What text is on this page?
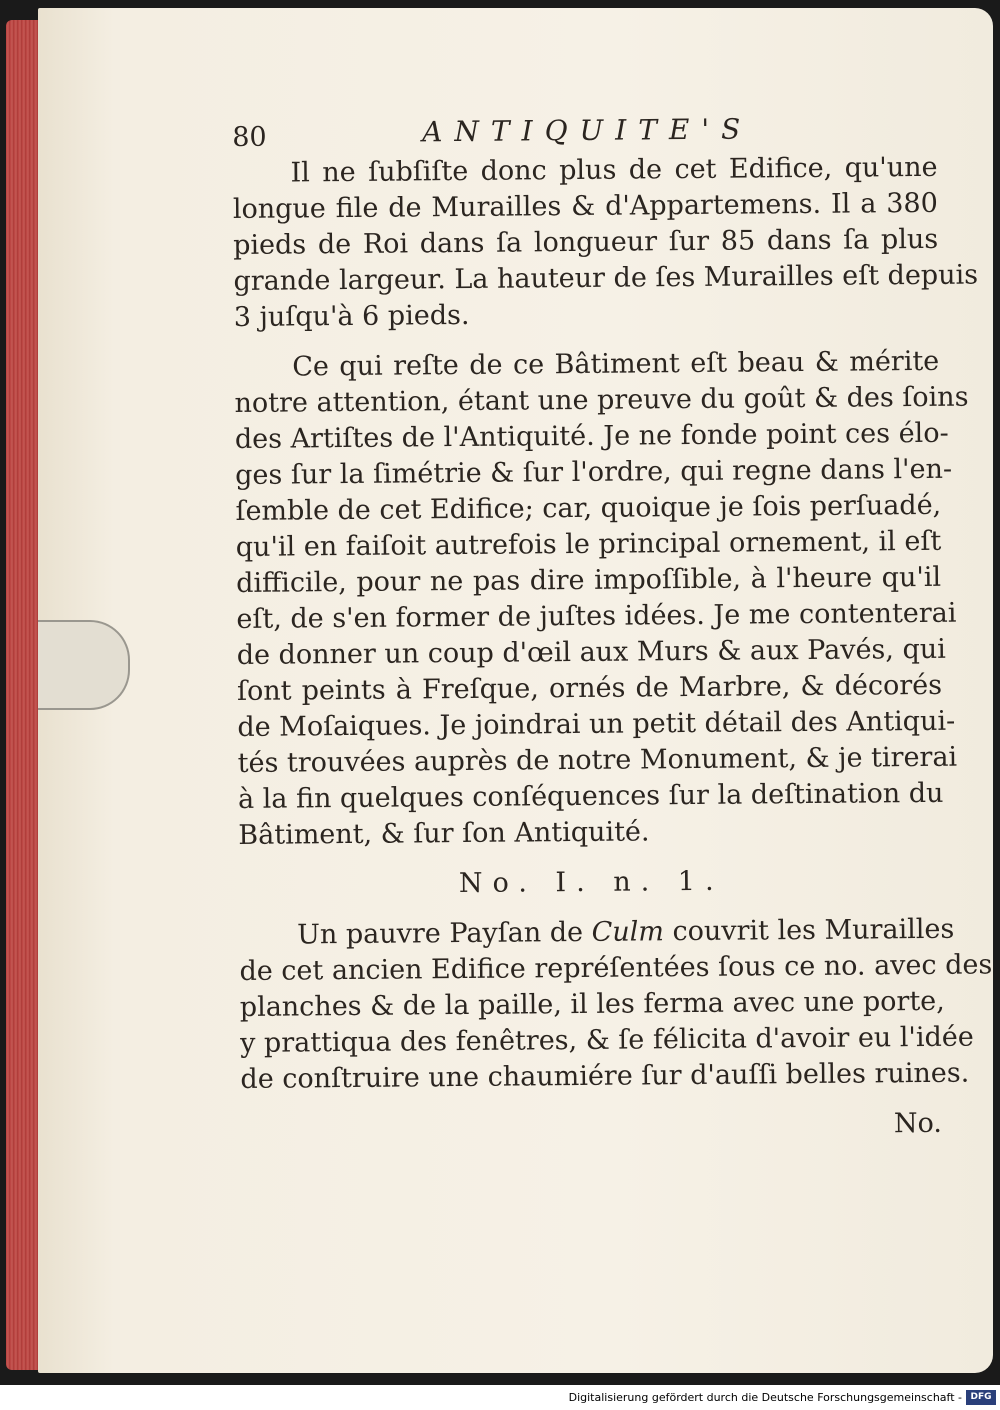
80	ANTIQUITE'S
Il ne ſubſiſte donc plus de cet Edifice, qu'une
longue file de Murailles & d'Appartemens. Il a 380
pieds de Roi dans ſa longueur ſur 85 dans ſa plus
grande largeur. La hauteur de ſes Murailles eſt depuis
3 juſqu'à 6 pieds.
Ce qui reſte de ce Bâtiment eſt beau & mérite
notre attention, étant une preuve du goût & des ſoins
des Artiſtes de l'Antiquité. Je ne fonde point ces élo-
ges ſur la ſimétrie & ſur l'ordre, qui regne dans l'en-
ſemble de cet Edifice; car, quoique je ſois perſuadé,
qu'il en faiſoit autrefois le principal ornement, il eſt
difficile, pour ne pas dire impoſſible, à l'heure qu'il
eſt, de s'en former de juſtes idées. Je me contenterai
de donner un coup d'œil aux Murs & aux Pavés, qui
ſont peints à Freſque, ornés de Marbre, & décorés
de Moſaiques. Je joindrai un petit détail des Antiqui-
tés trouvées auprès de notre Monument, & je tirerai
à la fin quelques conſéquences ſur la deſtination du
Bâtiment, & ſur ſon Antiquité.
No. I. n. 1.
Un pauvre Payſan de Culm couvrit les Murailles
de cet ancien Edifice repréſentées ſous ce no. avec des
planches & de la paille, il les ferma avec une porte,
y prattiqua des fenêtres, & ſe félicita d'avoir eu l'idée
de conſtruire une chaumiére ſur d'auſſi belles ruines.
No.
Digitalisierung gefördert durch die Deutsche Forschungsgemeinschaft - DFG
